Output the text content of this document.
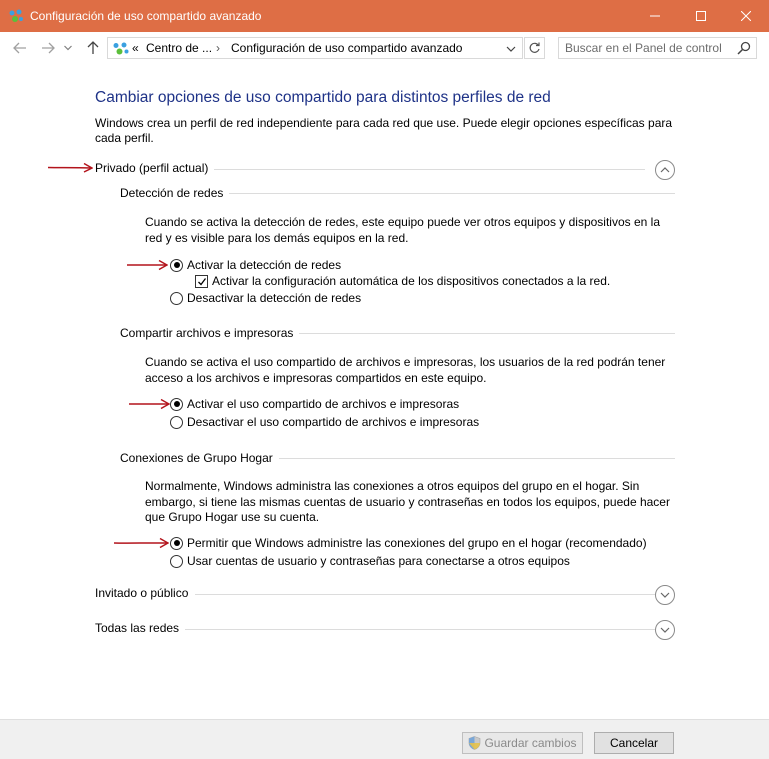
Configuración de uso compartido avanzado
« Centro de ... › Configuración de uso compartido avanzado
Buscar en el Panel de control
Cambiar opciones de uso compartido para distintos perfiles de red
Windows crea un perfil de red independiente para cada red que use. Puede elegir opciones específicas para cada perfil.
Privado (perfil actual)
Detección de redes
Cuando se activa la detección de redes, este equipo puede ver otros equipos y dispositivos en la red y es visible para los demás equipos en la red.
Activar la detección de redes
Activar la configuración automática de los dispositivos conectados a la red.
Desactivar la detección de redes
Compartir archivos e impresoras
Cuando se activa el uso compartido de archivos e impresoras, los usuarios de la red podrán tener acceso a los archivos e impresoras compartidos en este equipo.
Activar el uso compartido de archivos e impresoras
Desactivar el uso compartido de archivos e impresoras
Conexiones de Grupo Hogar
Normalmente, Windows administra las conexiones a otros equipos del grupo en el hogar. Sin embargo, si tiene las mismas cuentas de usuario y contraseñas en todos los equipos, puede hacer que Grupo Hogar use su cuenta.
Permitir que Windows administre las conexiones del grupo en el hogar (recomendado)
Usar cuentas de usuario y contraseñas para conectarse a otros equipos
Invitado o público
Todas las redes
Guardar cambios	Cancelar
